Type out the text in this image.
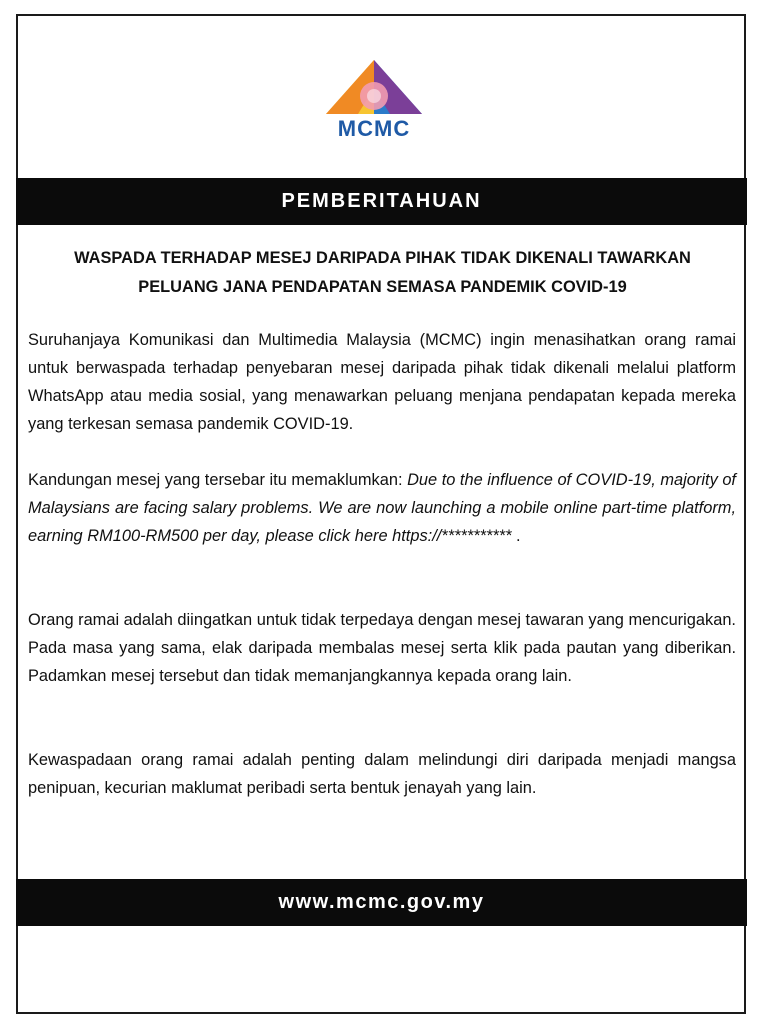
MCMC
PEMBERITAHUAN
WASPADA TERHADAP MESEJ DARIPADA PIHAK TIDAK DIKENALI TAWARKAN
PELUANG JANA PENDAPATAN SEMASA PANDEMIK COVID-19

Suruhanjaya Komunikasi dan Multimedia Malaysia (MCMC) ingin menasihatkan orang ramai untuk berwaspada terhadap penyebaran mesej daripada pihak tidak dikenali melalui platform WhatsApp atau media sosial, yang menawarkan peluang menjana pendapatan kepada mereka yang terkesan semasa pandemik COVID-19.

Kandungan mesej yang tersebar itu memaklumkan: Due to the influence of COVID-19, majority of Malaysians are facing salary problems. We are now launching a mobile online part-time platform, earning RM100-RM500 per day, please click here https://*********** .

Orang ramai adalah diingatkan untuk tidak terpedaya dengan mesej tawaran yang mencurigakan. Pada masa yang sama, elak daripada membalas mesej serta klik pada pautan yang diberikan. Padamkan mesej tersebut dan tidak memanjangkannya kepada orang lain.

Kewaspadaan orang ramai adalah penting dalam melindungi diri daripada menjadi mangsa penipuan, kecurian maklumat peribadi serta bentuk jenayah yang lain.

www.mcmc.gov.my
